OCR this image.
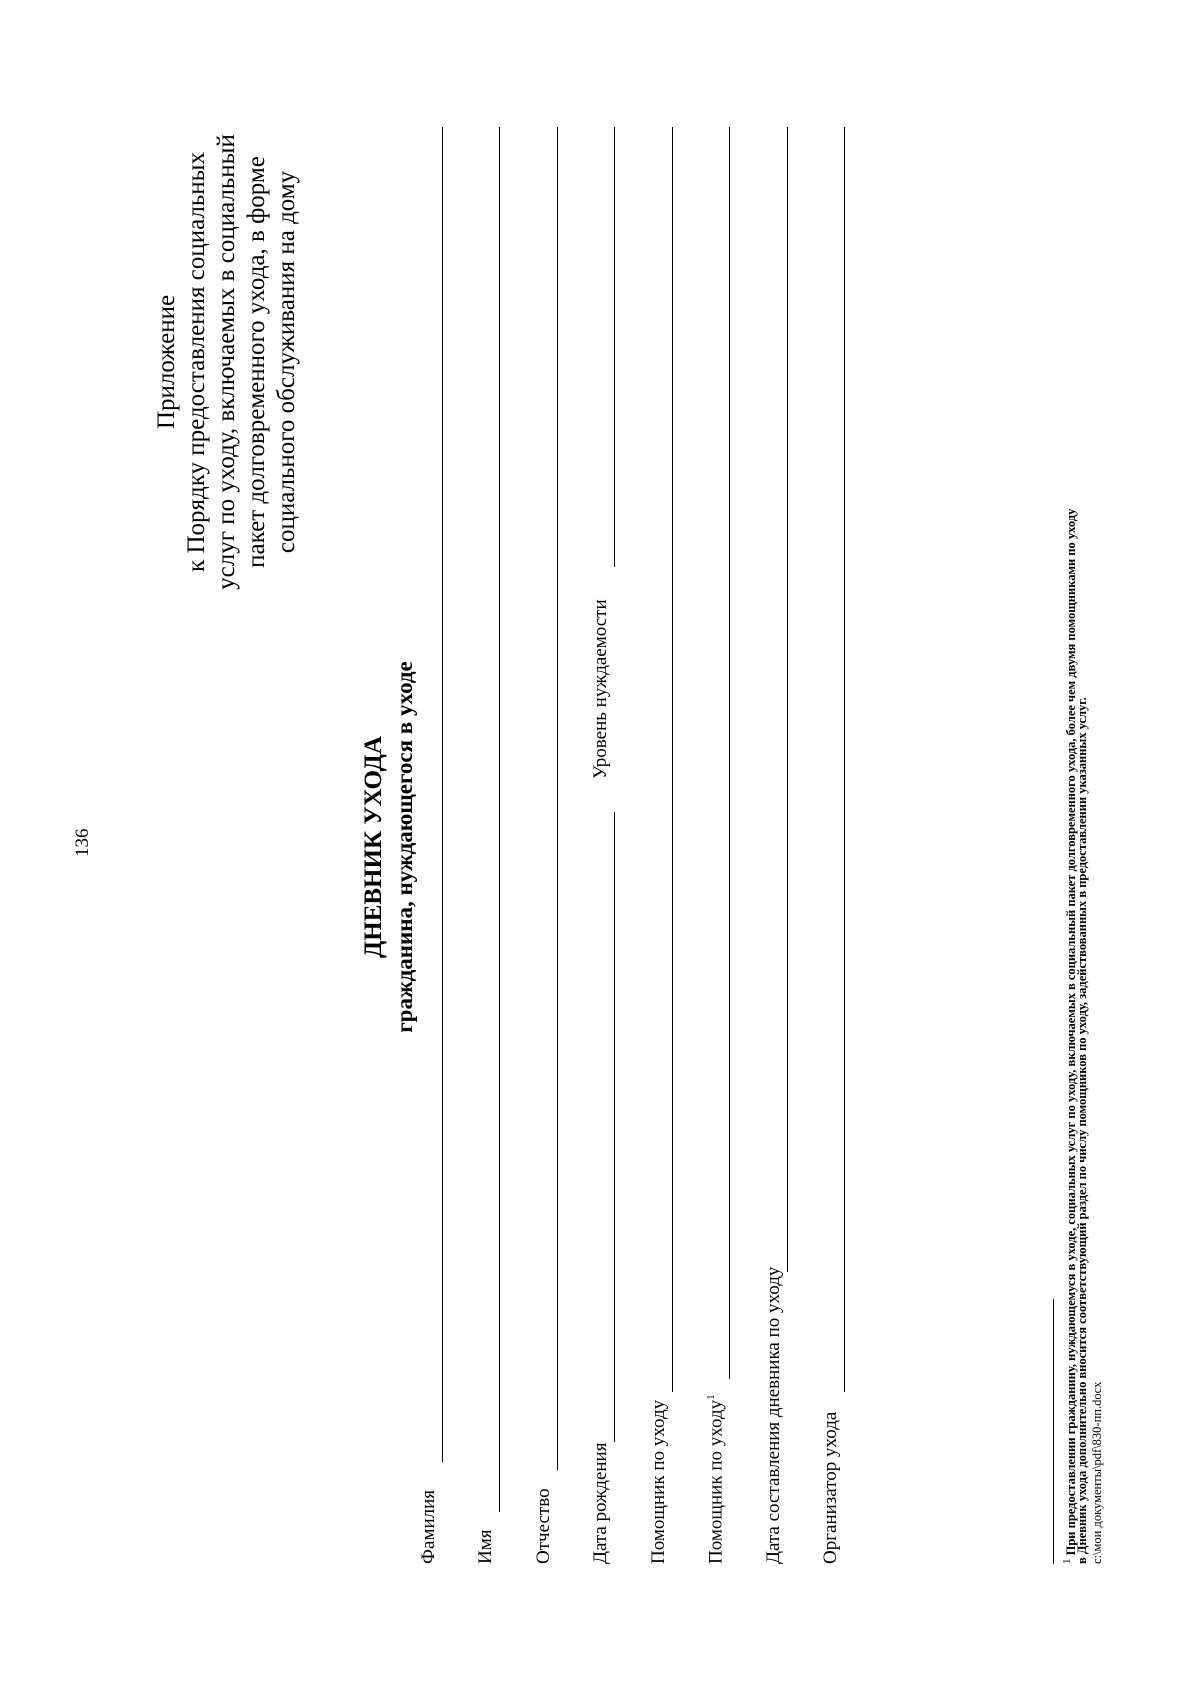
136
Приложение к Порядку предоставления социальных услуг по уходу, включаемых в социальный пакет долговременного ухода, в форме социального обслуживания на дому
ДНЕВНИК УХОДА гражданина, нуждающегося в уходе
Фамилия Имя Отчество Дата рождения
Уровень нуждаемости
Помощник по уходу Помощник по уходу$^1$	Дата составления дневника по уходу Организатор ухода	1 При предоставлении гражданину, нуждающемуся в уходе, социальных услуг по уходу, включаемых в социальный пакет долговременного ухода, более чем двумя помощниками по уходу
в Дневник ухода дополнительно вносится соответствующий раздел по числу помощников по уходу, задействованных в предоставлении указанных услуг. c:\мои документы\pdf\830-пп.docx
